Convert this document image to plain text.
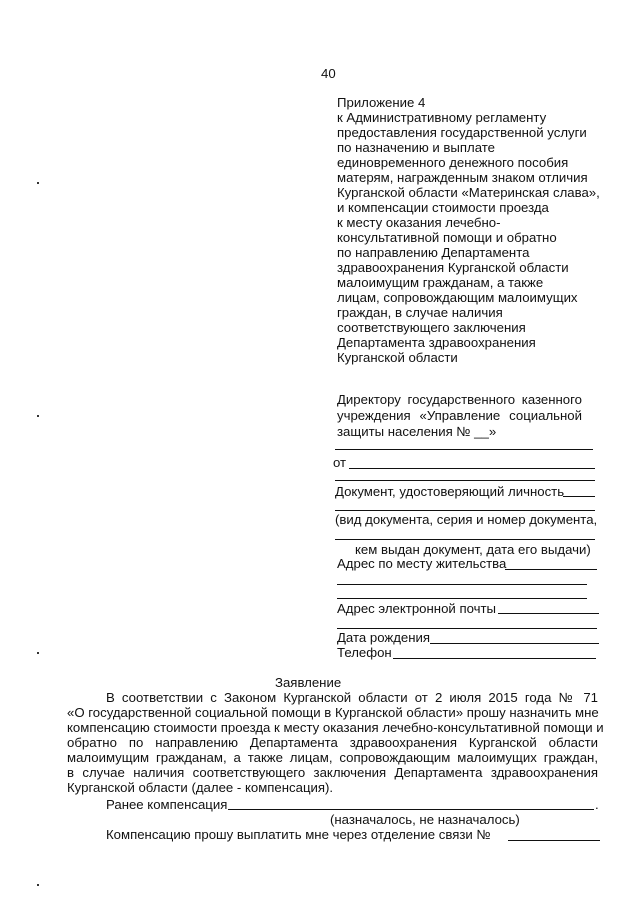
40
Приложение 4
к Административному регламенту
предоставления государственной услуги
по назначению и выплате
единовременного денежного пособия
матерям, награжденным знаком отличия
Курганской области «Материнская слава»,
и компенсации стоимости проезда
к месту оказания лечебно-
консультативной помощи и обратно
по направлению Департамента
здравоохранения Курганской области
малоимущим гражданам, а также
лицам, сопровождающим малоимущих
граждан, в случае наличия
соответствующего заключения
Департамента здравоохранения
Курганской области
Директору государственного казенного
учреждения «Управление социальной
защиты населения № __»
от
Документ, удостоверяющий личность
(вид документа, серия и номер документа,
кем выдан документ, дата его выдачи)
Адрес по месту жительства
Адрес электронной почты
Дата рождения
Телефон
Заявление
В соответствии с Законом Курганской области от 2 июля 2015 года № 71
«О государственной социальной помощи в Курганской области» прошу назначить мне
компенсацию стоимости проезда к месту оказания лечебно-консультативной помощи и
обратно по направлению Департамента здравоохранения Курганской области
малоимущим гражданам, а также лицам, сопровождающим малоимущих граждан,
в случае наличия соответствующего заключения Департамента здравоохранения
Курганской области (далее - компенсация).
Ранее компенсация	.
(назначалось, не назначалось)
Компенсацию прошу выплатить мне через отделение связи №
